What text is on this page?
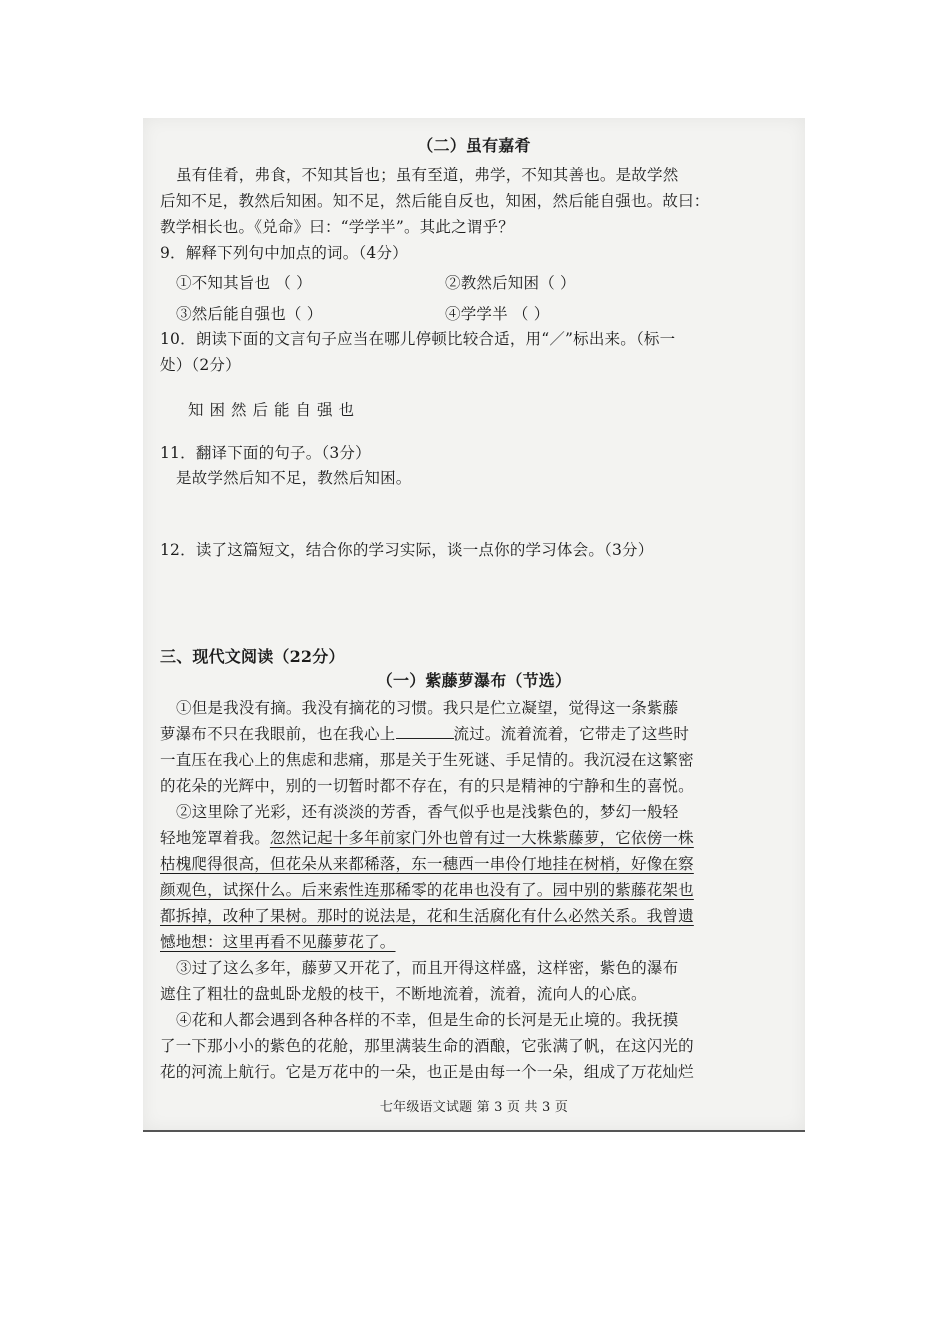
（二）虽有嘉肴
虽有佳肴，弗食，不知其旨也；虽有至道，弗学，不知其善也。是故学然
后知不足，教然后知困。知不足，然后能自反也，知困，然后能自强也。故曰：
教学相长也。《兑命》曰：“学学半”。其此之谓乎？
9．解释下列句中加点的词。（4分）
①不知其旨也 （ ）	②教然后知困（ ）
③然后能自强也（ ）	④学学半 （ ）
10．朗读下面的文言句子应当在哪儿停顿比较合适，用“／”标出来。（标一
处）（2分）
知困然后能自强也
11．翻译下面的句子。（3分）
是故学然后知不足，教然后知困。
12．读了这篇短文，结合你的学习实际，谈一点你的学习体会。（3分）
三、现代文阅读（22分）
（一）紫藤萝瀑布（节选）
①但是我没有摘。我没有摘花的习惯。我只是伫立凝望，觉得这一条紫藤
萝瀑布不只在我眼前，也在我心上	流过。流着流着，它带走了这些时
一直压在我心上的焦虑和悲痛，那是关于生死谜、手足情的。我沉浸在这繁密
的花朵的光辉中，别的一切暂时都不存在，有的只是精神的宁静和生的喜悦。
②这里除了光彩，还有淡淡的芳香，香气似乎也是浅紫色的，梦幻一般轻
轻地笼罩着我。忽然记起十多年前家门外也曾有过一大株紫藤萝，它依傍一株
枯槐爬得很高，但花朵从来都稀落，东一穗西一串伶仃地挂在树梢，好像在察
颜观色，试探什么。后来索性连那稀零的花串也没有了。园中别的紫藤花架也
都拆掉，改种了果树。那时的说法是，花和生活腐化有什么必然关系。我曾遗
憾地想：这里再看不见藤萝花了。
③过了这么多年，藤萝又开花了，而且开得这样盛，这样密，紫色的瀑布
遮住了粗壮的盘虬卧龙般的枝干，不断地流着，流着，流向人的心底。
④花和人都会遇到各种各样的不幸，但是生命的长河是无止境的。我抚摸
了一下那小小的紫色的花舱，那里满装生命的酒酿，它张满了帆，在这闪光的
花的河流上航行。它是万花中的一朵，也正是由每一个一朵，组成了万花灿烂
七年级语文试题 第 3 页 共 3 页
